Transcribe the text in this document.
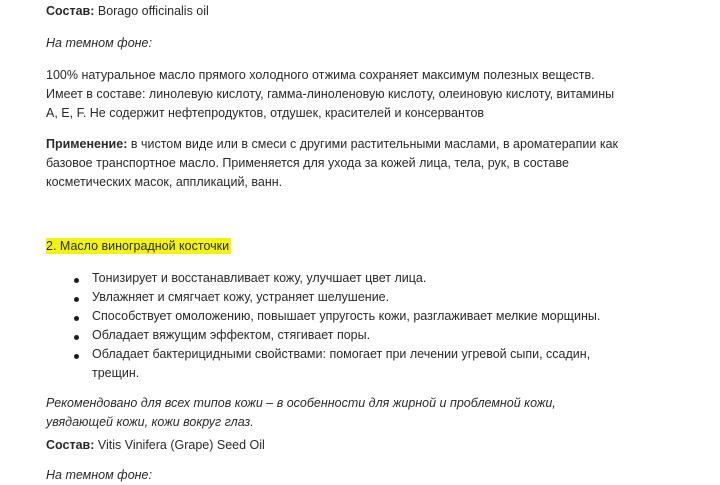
Состав: Borago officinalis oil
На темном фоне:
100% натуральное масло прямого холодного отжима сохраняет максимум полезных веществ.
Имеет в составе: линолевую кислоту, гамма-линоленовую кислоту, олеиновую кислоту, витамины
А, Е, F. Не содержит нефтепродуктов, отдушек, красителей и консервантов
Применение: в чистом виде или в смеси с другими растительными маслами, в ароматерапии как
базовое транспортное масло. Применяется для ухода за кожей лица, тела, рук, в составе
косметических масок, аппликаций, ванн.
2. Масло виноградной косточки
Тонизирует и восстанавливает кожу, улучшает цвет лица.
Увлажняет и смягчает кожу, устраняет шелушение.
Способствует омоложению, повышает упругость кожи, разглаживает мелкие морщины.
Обладает вяжущим эффектом, стягивает поры.
Обладает бактерицидными свойствами: помогает при лечении угревой сыпи, ссадин,
трещин.
Рекомендовано для всех типов кожи – в особенности для жирной и проблемной кожи,
увядающей кожи, кожи вокруг глаз.
Состав: Vitis Vinifera (Grape) Seed Oil
На темном фоне:
